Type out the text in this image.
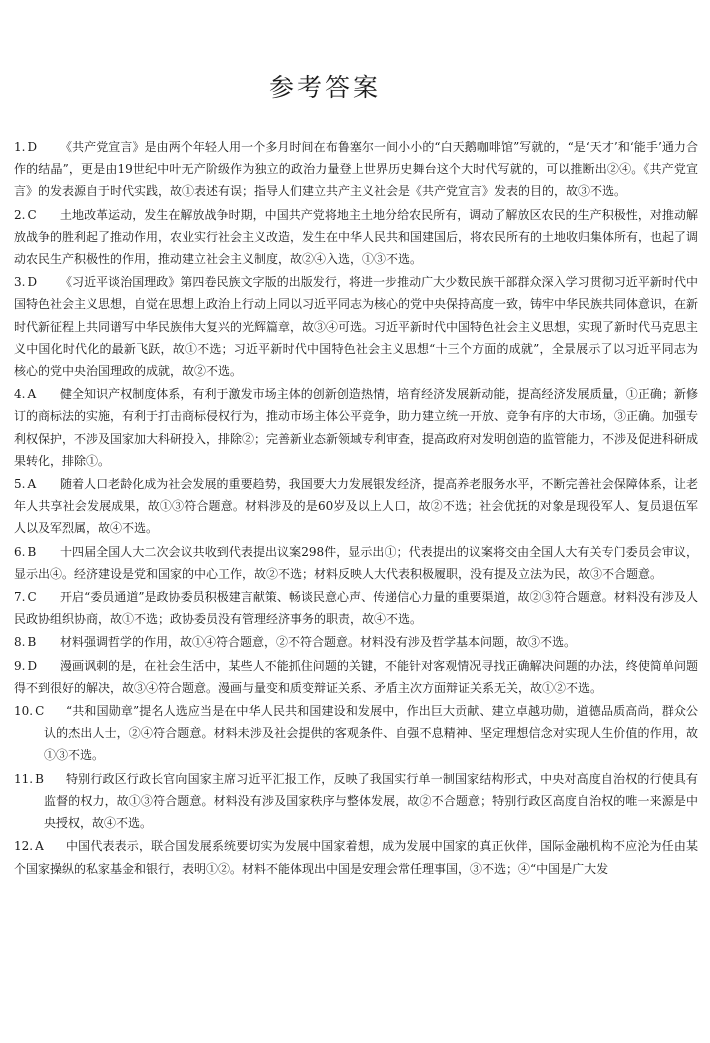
参考答案
1. D	《共产党宣言》是由两个年轻人用一个多月时间在布鲁塞尔一间小小的“白天鹅咖啡馆”写就的，“是‘天才’和‘能手’通力合作的结晶”，更是由19世纪中叶无产阶级作为独立的政治力量登上世界历史舞台这个大时代写就的，可以推断出②④。《共产党宣言》的发表源自于时代实践，故①表述有误；指导人们建立共产主义社会是《共产党宣言》发表的目的，故③不选。
2. C	土地改革运动，发生在解放战争时期，中国共产党将地主土地分给农民所有，调动了解放区农民的生产积极性，对推动解放战争的胜利起了推动作用，农业实行社会主义改造，发生在中华人民共和国建国后，将农民所有的土地收归集体所有，也起了调动农民生产积极性的作用，推动建立社会主义制度，故②④入选，①③不选。
3. D	《习近平谈治国理政》第四卷民族文字版的出版发行，将进一步推动广大少数民族干部群众深入学习贯彻习近平新时代中国特色社会主义思想，自觉在思想上政治上行动上同以习近平同志为核心的党中央保持高度一致，铸牢中华民族共同体意识，在新时代新征程上共同谱写中华民族伟大复兴的光辉篇章，故③④可选。习近平新时代中国特色社会主义思想，实现了新时代马克思主义中国化时代化的最新飞跃，故①不选；习近平新时代中国特色社会主义思想“十三个方面的成就”，全景展示了以习近平同志为核心的党中央治国理政的成就，故②不选。
4. A	健全知识产权制度体系，有利于激发市场主体的创新创造热情，培育经济发展新动能，提高经济发展质量，①正确；新修订的商标法的实施，有利于打击商标侵权行为，推动市场主体公平竞争，助力建立统一开放、竞争有序的大市场，③正确。加强专利权保护，不涉及国家加大科研投入，排除②；完善新业态新领域专利审查，提高政府对发明创造的监管能力，不涉及促进科研成果转化，排除①。
5. A	随着人口老龄化成为社会发展的重要趋势，我国要大力发展银发经济，提高养老服务水平，不断完善社会保障体系，让老年人共享社会发展成果，故①③符合题意。材料涉及的是60岁及以上人口，故②不选；社会优抚的对象是现役军人、复员退伍军人以及军烈属，故④不选。
6. B	十四届全国人大二次会议共收到代表提出议案298件，显示出①；代表提出的议案将交由全国人大有关专门委员会审议，显示出④。经济建设是党和国家的中心工作，故②不选；材料反映人大代表积极履职，没有提及立法为民，故③不合题意。
7. C	开启“委员通道”是政协委员积极建言献策、畅谈民意心声、传递信心力量的重要渠道，故②③符合题意。材料没有涉及人民政协组织协商，故①不选；政协委员没有管理经济事务的职责，故④不选。
8. B	材料强调哲学的作用，故①④符合题意，②不符合题意。材料没有涉及哲学基本问题，故③不选。
9. D	漫画讽刺的是，在社会生活中，某些人不能抓住问题的关键，不能针对客观情况寻找正确解决问题的办法，终使简单问题得不到很好的解决，故③④符合题意。漫画与量变和质变辩证关系、矛盾主次方面辩证关系无关，故①②不选。
10. C	“共和国勋章”提名人选应当是在中华人民共和国建设和发展中，作出巨大贡献、建立卓越功勋，道德品质高尚，群众公认的杰出人士，②④符合题意。材料未涉及社会提供的客观条件、自强不息精神、坚定理想信念对实现人生价值的作用，故①③不选。
11. B	特别行政区行政长官向国家主席习近平汇报工作，反映了我国实行单一制国家结构形式，中央对高度自治权的行使具有监督的权力，故①③符合题意。材料没有涉及国家秩序与整体发展，故②不合题意；特别行政区高度自治权的唯一来源是中央授权，故④不选。
12. A	中国代表表示，联合国发展系统要切实为发展中国家着想，成为发展中国家的真正伙伴，国际金融机构不应沦为任由某个国家操纵的私家基金和银行，表明①②。材料不能体现出中国是安理会常任理事国，③不选；④“中国是广大发
